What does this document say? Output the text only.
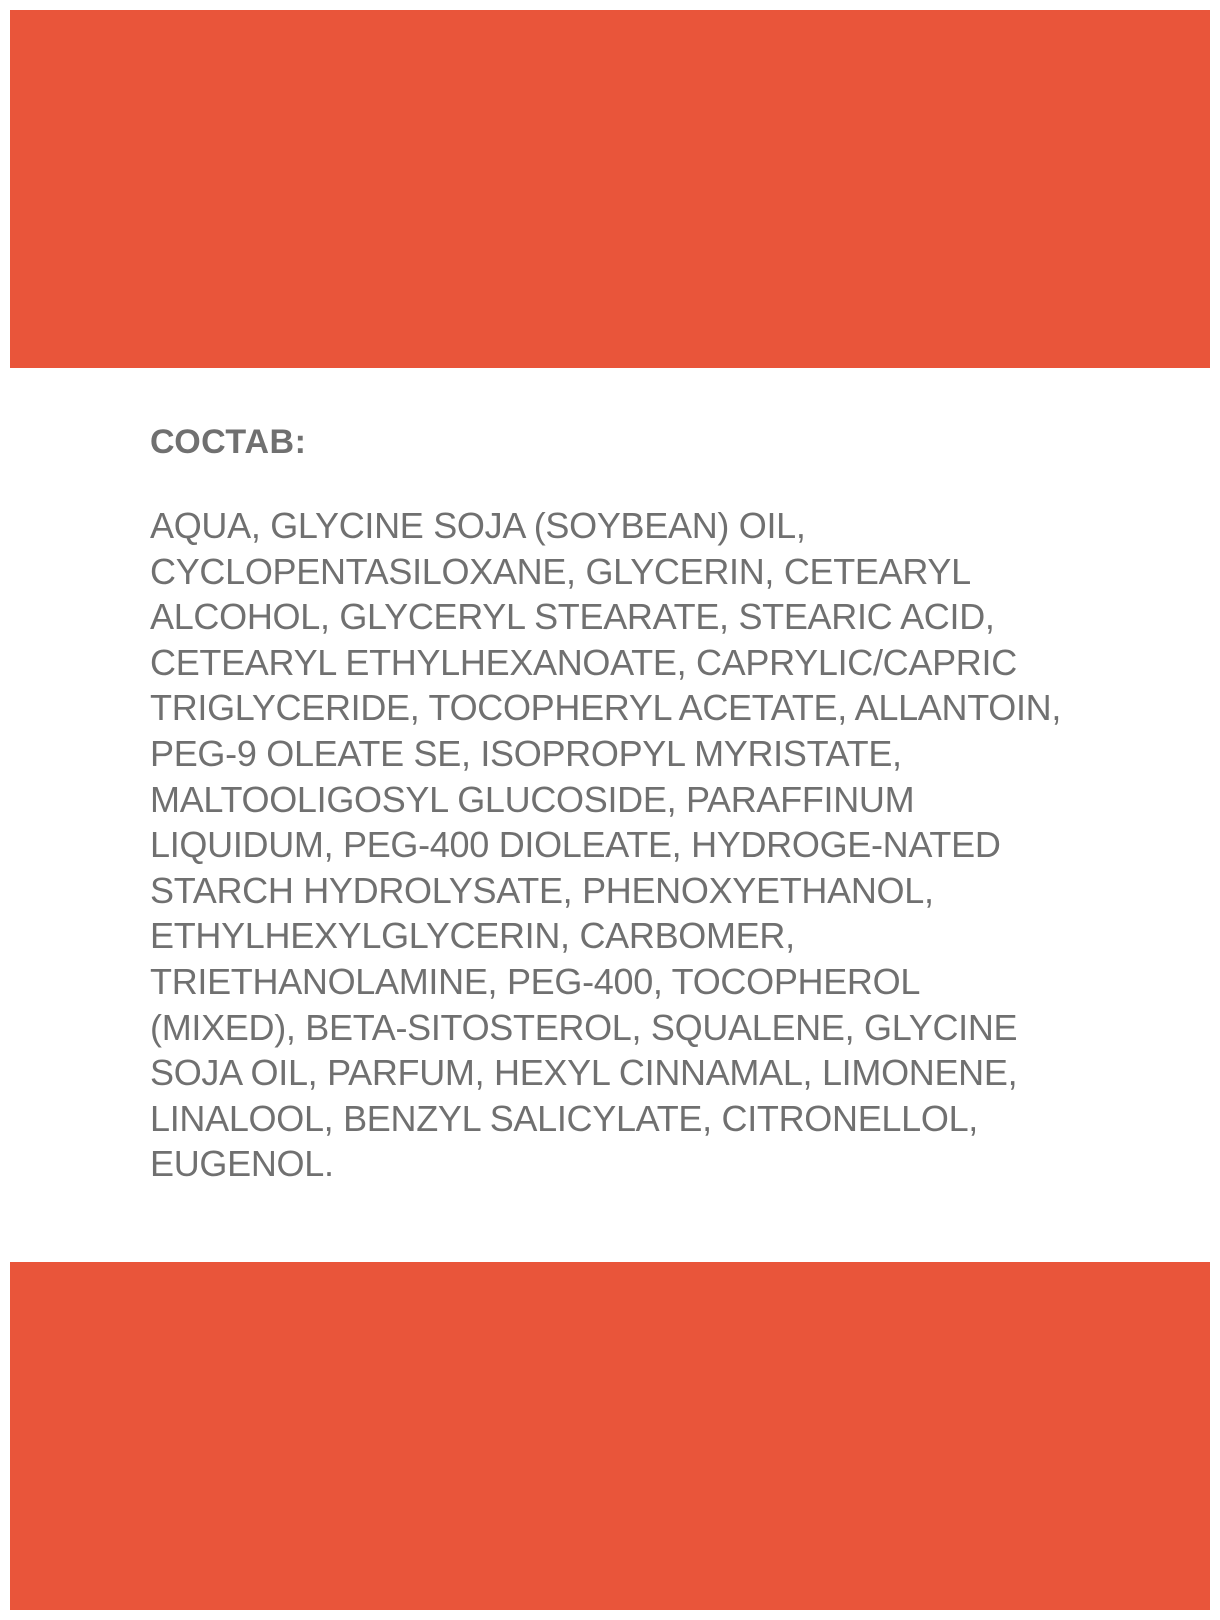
СОСТАВ:

AQUA, GLYCINE SOJA (SOYBEAN) OIL,
CYCLOPENTASILOXANE, GLYCERIN, CETEARYL
ALCOHOL, GLYCERYL STEARATE, STEARIC ACID,
CETEARYL ETHYLHEXANOATE, CAPRYLIC/CAPRIC
TRIGLYCERIDE, TOCOPHERYL ACETATE, ALLANTOIN,
PEG-9 OLEATE SE, ISOPROPYL MYRISTATE,
MALTOOLIGOSYL GLUCOSIDE, PARAFFINUM
LIQUIDUM, PEG-400 DIOLEATE, HYDROGE-NATED
STARCH HYDROLYSATE, PHENOXYETHANOL,
ETHYLHEXYLGLYCERIN, CARBOMER,
TRIETHANOLAMINE, PEG-400, TOCOPHEROL
(MIXED), BETA-SITOSTEROL, SQUALENE, GLYCINE
SOJA OIL, PARFUM, HEXYL CINNAMAL, LIMONENE,
LINALOOL, BENZYL SALICYLATE, CITRONELLOL,
EUGENOL.
